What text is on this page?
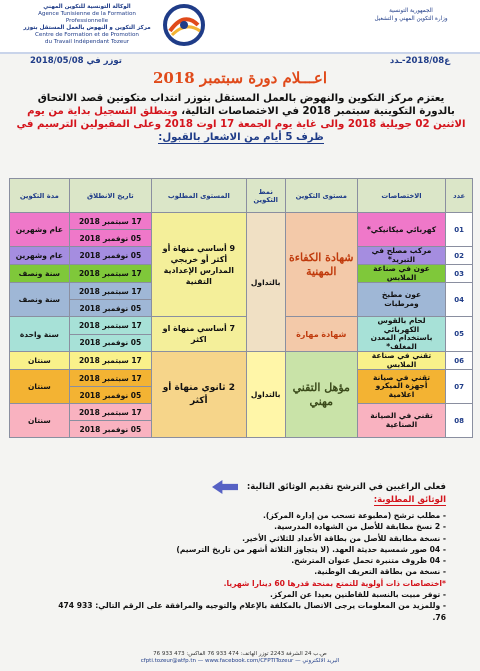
الوكالة التونسية للتكوين المهني
Agence Tunisienne de la Formation
Professionnelle
مركز التكوين و النهوض بالعمل المستقل بتوزر
Centre de Formation et de Promotion
du Travail Indépendant Tozeur
الجمهورية التونسية
وزارة التكوين المهني و التشغيل
توزر في 2018/05/08	ع2018/08-ـدد
اعـــلام دورة سبتمبر 2018
يعتزم مركز التكوين والنهوض بالعمل المستقل بتوزر انتداب متكونين قصد الالتحاق
بالدورة التكوينية سبتمبر 2018 في الاختصاصات التالية، وينطلق التسجيل بداية من يوم
الاثنين 02 جويلية 2018 والى غاية يوم الجمعة 17 اوت 2018 وعلى المقبولين الترسيم في
ظرف 5 أيام من الاشعار بالقبول:
عدد	الاختصاصات	مستوى التكوين	نمط التكوين	المستوى المطلوب	تاريخ الانطلاق	مدة التكوين
01	كهربائي ميكانيكي*	شهادة الكفاءة المهنية	بالتداول	9 أساسي منهاة أو أكثر أو خريجي المدارس الإعدادية التقنية	17 سبتمبر 2018	عام وشهرين
					05 نوفمبر 2018	
02	مركب مصلح في التبريد*				05 نوفمبر 2018	عام وشهرين
03	عون في صناعة الملابس				17 سبتمبر 2018	سنة ونصف

04	عون مطبخ ومرطبات				17 سبتمبر 2018	سنة ونصف
					05 نوفمبر 2018	

05	لحام بالقوس الكهربائي باستخدام المعدن المغلف*	شهادة مهارة		7 أساسي منهاة او اكثر	17 سبتمبر 2018	سنة واحدة
					05 نوفمبر 2018	
06	تقني في صناعة الملابس	مؤهل التقني مهني	بالتداول	2 ثانوي منهاة أو أكثر	17 سبتمبر 2018	سنتان
07	تقني في صيانة أجهزة الميكرو اعلامية				17 سبتمبر 2018	سنتان
					05 نوفمبر 2018	
08	تقني في الصيانة الصناعية				17 سبتمبر 2018	سنتان
					05 نوفمبر 2018	
فعلى الراغبين في الترشح تقديم الوثائق التالية:
الوثائق المطلوبة:
- مطلب ترشح (مطبوعة تسحب من إدارة المركز).
- 2 نسخ مطابقة للأصل من الشهادة المدرسية.
- نسخة مطابقة للأصل من بطاقة الأعداد للثلاثي الأخير.
- 04 صور شمسية حديثة العهد. (لا يتجاوز الثلاثة أشهر من تاريخ الترسيم)
- 04 ظروف متنبرة تحمل عنوان المترشح.
- نسخة من بطاقة التعريف الوطنية.
*اختصاصات ذات أولوية للتمتع بمنحة قدرها 60 دينارا شهريا.
- توفر مبيت بالنسبة للقاطنين بعيدا عن المركز.
- وللمزيد من المعلومات يرجى الاتصال بالمكلفة بالإعلام والتوجيه والمرافقة على الرقم التالي: 933 474 76.
ص.ب 24 الشرفة 2243 توزر الهاتف: 474 933 76 الفاكس: 473 933 76
cfpti.tozeur@atfp.tn — www.facebook.com/CFPTITozeur — البريد الالكتروني
